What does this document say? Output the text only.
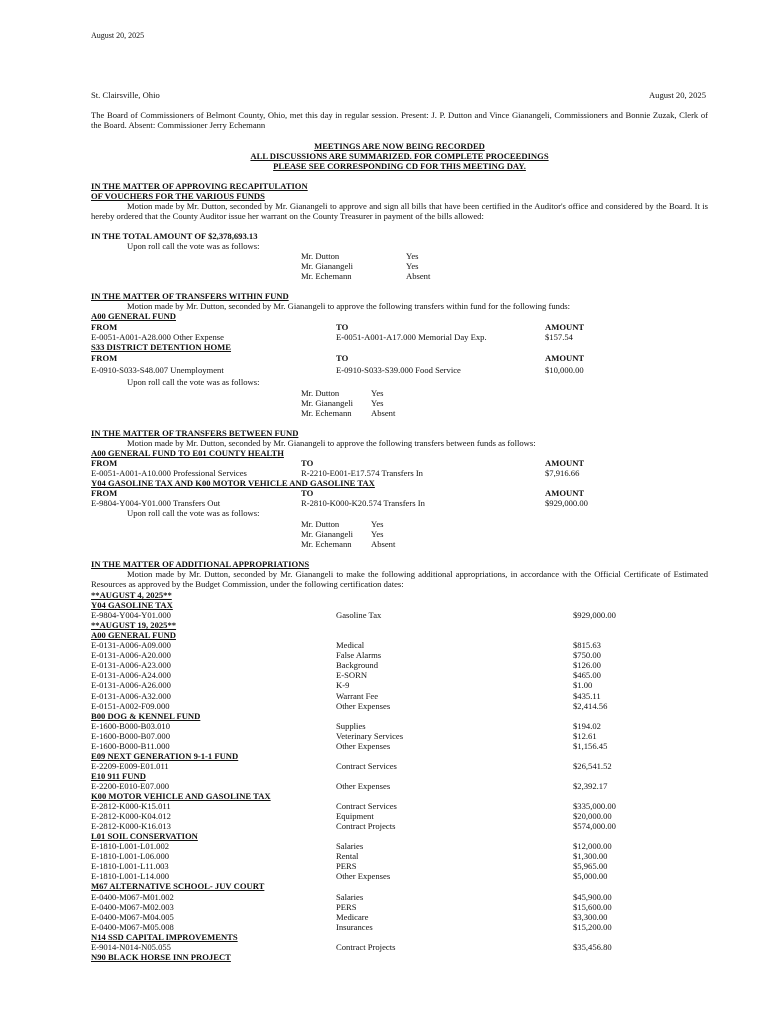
August 20, 2025
St. Clairsville, Ohio	August 20, 2025
The Board of Commissioners of Belmont County, Ohio, met this day in regular session. Present: J. P. Dutton and Vince Gianangeli, Commissioners and Bonnie Zuzak, Clerk of the Board. Absent: Commissioner Jerry Echemann
MEETINGS ARE NOW BEING RECORDED
ALL DISCUSSIONS ARE SUMMARIZED. FOR COMPLETE PROCEEDINGS
PLEASE SEE CORRESPONDING CD FOR THIS MEETING DAY.
IN THE MATTER OF APPROVING RECAPITULATION
OF VOUCHERS FOR THE VARIOUS FUNDS
Motion made by Mr. Dutton, seconded by Mr. Gianangeli to approve and sign all bills that have been certified in the Auditor's office and considered by the Board. It is hereby ordered that the County Auditor issue her warrant on the County Treasurer in payment of the bills allowed:
IN THE TOTAL AMOUNT OF $2,378,693.13
Upon roll call the vote was as follows:
Mr. Dutton	Yes
Mr. Gianangeli	Yes
Mr. Echemann	Absent
IN THE MATTER OF TRANSFERS WITHIN FUND
Motion made by Mr. Dutton, seconded by Mr. Gianangeli to approve the following transfers within fund for the following funds:
A00 GENERAL FUND
FROM	TO	AMOUNT
E-0051-A001-A28.000 Other Expense	E-0051-A001-A17.000 Memorial Day Exp.	$157.54
S33 DISTRICT DETENTION HOME
FROM	TO	AMOUNT
E-0910-S033-S48.007 Unemployment	E-0910-S033-S39.000 Food Service	$10,000.00
Upon roll call the vote was as follows:
Mr. Dutton	Yes
Mr. Gianangeli Yes
Mr. Echemann Absent
IN THE MATTER OF TRANSFERS BETWEEN FUND
Motion made by Mr. Dutton, seconded by Mr. Gianangeli to approve the following transfers between funds as follows:
A00 GENERAL FUND TO E01 COUNTY HEALTH
FROM	TO	AMOUNT
E-0051-A001-A10.000 Professional Services	R-2210-E001-E17.574 Transfers In	$7,916.66
Y04 GASOLINE TAX AND K00 MOTOR VEHICLE AND GASOLINE TAX
FROM	TO	AMOUNT
E-9804-Y004-Y01.000 Transfers Out	R-2810-K000-K20.574 Transfers In	$929,000.00
Upon roll call the vote was as follows:
Mr. Dutton	Yes
Mr. Gianangeli Yes
Mr. Echemann Absent
IN THE MATTER OF ADDITIONAL APPROPRIATIONS
Motion made by Mr. Dutton, seconded by Mr. Gianangeli to make the following additional appropriations, in accordance with the Official Certificate of Estimated Resources as approved by the Budget Commission, under the following certification dates:
**AUGUST 4, 2025**
Y04 GASOLINE TAX
E-9804-Y004-Y01.000	Gasoline Tax	$929,000.00
**AUGUST 19, 2025**
A00 GENERAL FUND
E-0131-A006-A09.000	Medical	$815.63
E-0131-A006-A20.000	False Alarms	$750.00
E-0131-A006-A23.000	Background	$126.00
E-0131-A006-A24.000	E-SORN	$465.00
E-0131-A006-A26.000	K-9	$1.00
E-0131-A006-A32.000	Warrant Fee	$435.11
E-0151-A002-F09.000	Other Expenses	$2,414.56
B00 DOG & KENNEL FUND
E-1600-B000-B03.010	Supplies	$194.02
E-1600-B000-B07.000	Veterinary Services	$12.61
E-1600-B000-B11.000	Other Expenses	$1,156.45
E09 NEXT GENERATION 9-1-1 FUND
E-2209-E009-E01.011	Contract Services	$26,541.52
E10 911 FUND
E-2200-E010-E07.000	Other Expenses	$2,392.17
K00 MOTOR VEHICLE AND GASOLINE TAX
E-2812-K000-K15.011	Contract Services	$335,000.00
E-2812-K000-K04.012	Equipment	$20,000.00
E-2812-K000-K16.013	Contract Projects	$574,000.00
L01 SOIL CONSERVATION
E-1810-L001-L01.002	Salaries	$12,000.00
E-1810-L001-L06.000	Rental	$1,300.00
E-1810-L001-L11.003	PERS	$5,965.00
E-1810-L001-L14.000	Other Expenses	$5,000.00
M67 ALTERNATIVE SCHOOL- JUV COURT
E-0400-M067-M01.002	Salaries	$45,900.00
E-0400-M067-M02.003	PERS	$15,600.00
E-0400-M067-M04.005	Medicare	$3,300.00
E-0400-M067-M05.008	Insurances	$15,200.00
N14 SSD CAPITAL IMPROVEMENTS
E-9014-N014-N05.055	Contract Projects	$35,456.80
N90 BLACK HORSE INN PROJECT
